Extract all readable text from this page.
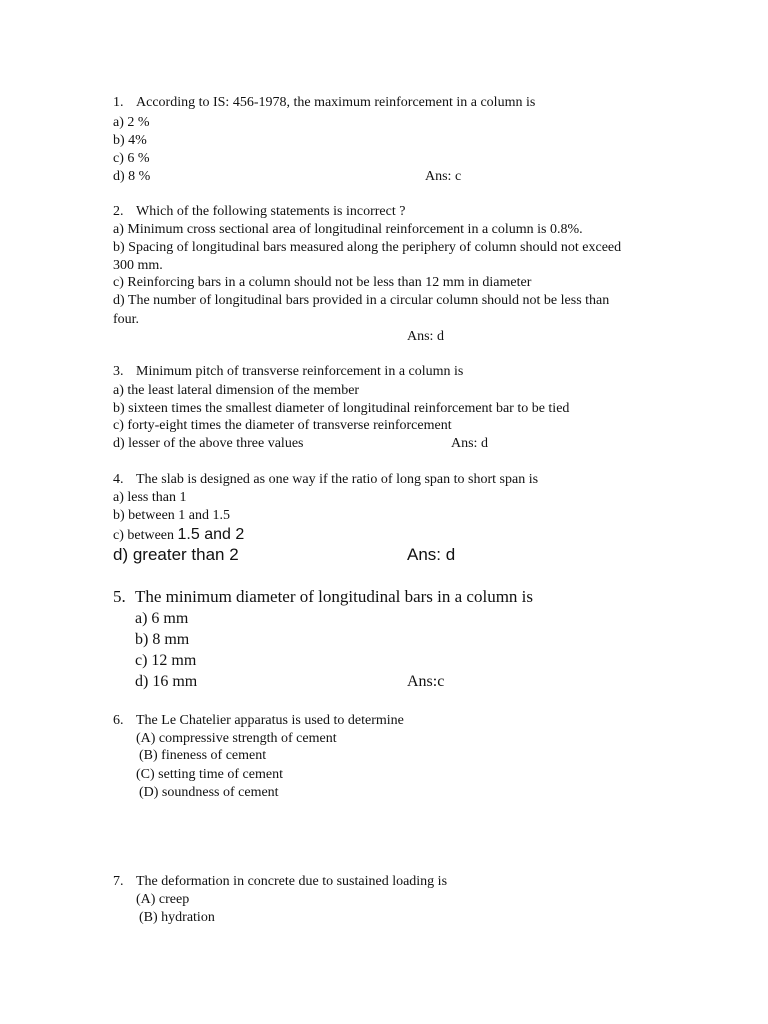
1. According to IS: 456-1978, the maximum reinforcement in a column is
a) 2 %
b) 4%
c) 6 %
d) 8 %	Ans: c
2. Which of the following statements is incorrect ?
a) Minimum cross sectional area of longitudinal reinforcement in a column is 0.8%.
b) Spacing of longitudinal bars measured along the periphery of column should not exceed
300 mm.
c) Reinforcing bars in a column should not be less than 12 mm in diameter
d) The number of longitudinal bars provided in a circular column should not be less than
four.
Ans: d
3. Minimum pitch of transverse reinforcement in a column is
a) the least lateral dimension of the member
b) sixteen times the smallest diameter of longitudinal reinforcement bar to be tied
c) forty-eight times the diameter of transverse reinforcement
d) lesser of the above three values	Ans: d
4. The slab is designed as one way if the ratio of long span to short span is
a) less than 1
b) between 1 and 1.5
c) between 1.5 and 2
d) greater than 2	Ans: d
5. The minimum diameter of longitudinal bars in a column is
a) 6 mm
b) 8 mm
c) 12 mm
d) 16 mm	Ans:c
6. The Le Chatelier apparatus is used to determine
(A) compressive strength of cement
(B) fineness of cement
(C) setting time of cement
(D) soundness of cement
7. The deformation in concrete due to sustained loading is
(A) creep
(B) hydration
